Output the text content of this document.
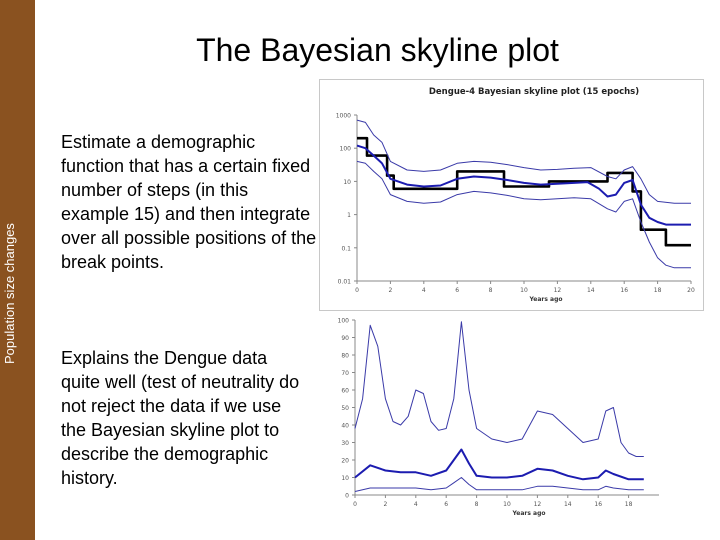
Population size changes
The Bayesian skyline plot
Estimate a demographic function that has a certain fixed number of steps (in this example 15) and then integrate over all possible positions of the break points.
Explains the Dengue data quite well (test of neutrality do not reject the data if we use the Bayesian skyline plot to describe the demographic history.
Dengue-4 Bayesian skyline plot (15 epochs)
1000
100
10
1
0.1
0.01
0	2	4	6	8	10	12	14	16	18	20
Years ago
100
90
80
70
60
50
40
30
20
10
0
0	2	4	6	8	10	12	14	16	18
Years ago
